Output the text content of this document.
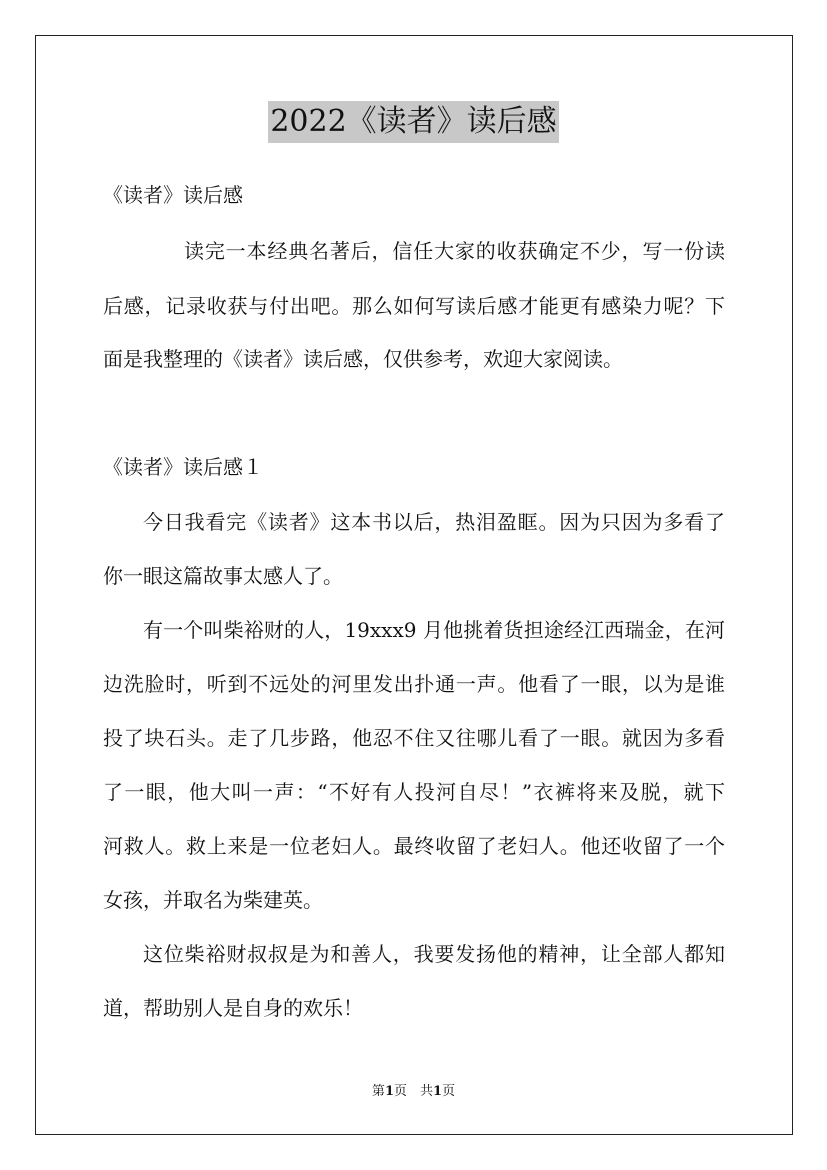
2022《读者》读后感
《读者》读后感
读完一本经典名著后，信任大家的收获确定不少，写一份读
后感，记录收获与付出吧。那么如何写读后感才能更有感染力呢？下
面是我整理的《读者》读后感，仅供参考，欢迎大家阅读。
《读者》读后感１
今日我看完《读者》这本书以后，热泪盈眶。因为只因为多看了
你一眼这篇故事太感人了。
有一个叫柴裕财的人，19xxx9 月他挑着货担途经江西瑞金，在河
边洗脸时，听到不远处的河里发出扑通一声。他看了一眼，以为是谁
投了块石头。走了几步路，他忍不住又往哪儿看了一眼。就因为多看
了一眼，他大叫一声：“不好有人投河自尽！”衣裤将来及脱，就下
河救人。救上来是一位老妇人。最终收留了老妇人。他还收留了一个
女孩，并取名为柴建英。
这位柴裕财叔叔是为和善人，我要发扬他的精神，让全部人都知
道，帮助别人是自身的欢乐！
第1页  共1页
